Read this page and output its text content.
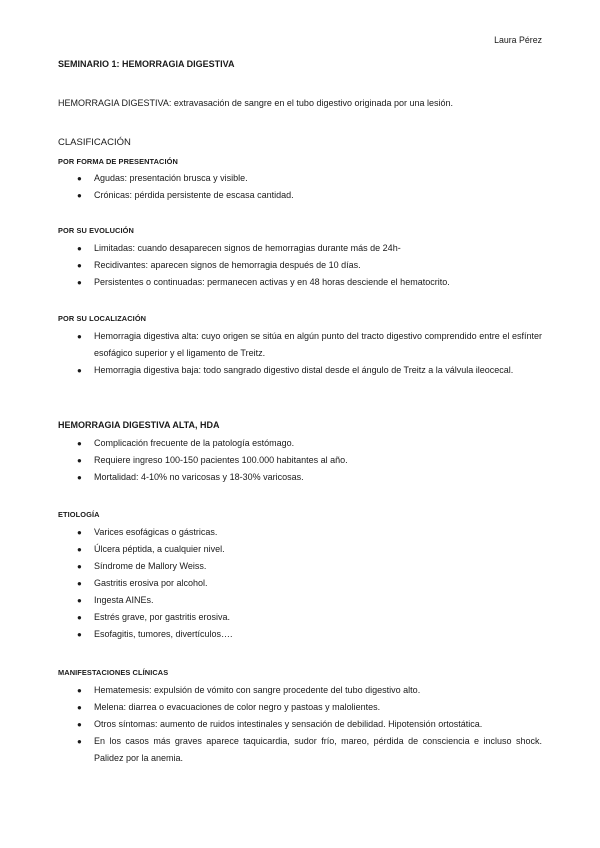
Laura Pérez
SEMINARIO 1: HEMORRAGIA DIGESTIVA
HEMORRAGIA DIGESTIVA: extravasación de sangre en el tubo digestivo originada por una lesión.
CLASIFICACIÓN
POR FORMA DE PRESENTACIÓN
● Agudas: presentación brusca y visible.
● Crónicas: pérdida persistente de escasa cantidad.
POR SU EVOLUCIÓN
● Limitadas: cuando desaparecen signos de hemorragias durante más de 24h-
● Recidivantes: aparecen signos de hemorragia después de 10 días.
● Persistentes o continuadas: permanecen activas y en 48 horas desciende el hematocrito.
POR SU LOCALIZACIÓN
● Hemorragia digestiva alta: cuyo origen se sitúa en algún punto del tracto digestivo comprendido entre el esfínter esofágico superior y el ligamento de Treitz.
● Hemorragia digestiva baja: todo sangrado digestivo distal desde el ángulo de Treitz a la válvula ileocecal.
HEMORRAGIA DIGESTIVA ALTA, HDA
● Complicación frecuente de la patología estómago.
● Requiere ingreso 100-150 pacientes 100.000 habitantes al año.
● Mortalidad: 4-10% no varicosas y 18-30% varicosas.
ETIOLOGÍA
● Varices esofágicas o gástricas.
● Úlcera péptida, a cualquier nivel.
● Síndrome de Mallory Weiss.
● Gastritis erosiva por alcohol.
● Ingesta AINEs.
● Estrés grave, por gastritis erosiva.
● Esofagitis, tumores, divertículos….
MANIFESTACIONES CLÍNICAS
● Hematemesis: expulsión de vómito con sangre procedente del tubo digestivo alto.
● Melena: diarrea o evacuaciones de color negro y pastoas y malolientes.
● Otros síntomas: aumento de ruidos intestinales y sensación de debilidad. Hipotensión ortostática.
● En los casos más graves aparece taquicardia, sudor frío, mareo, pérdida de consciencia e incluso shock. Palidez por la anemia.
